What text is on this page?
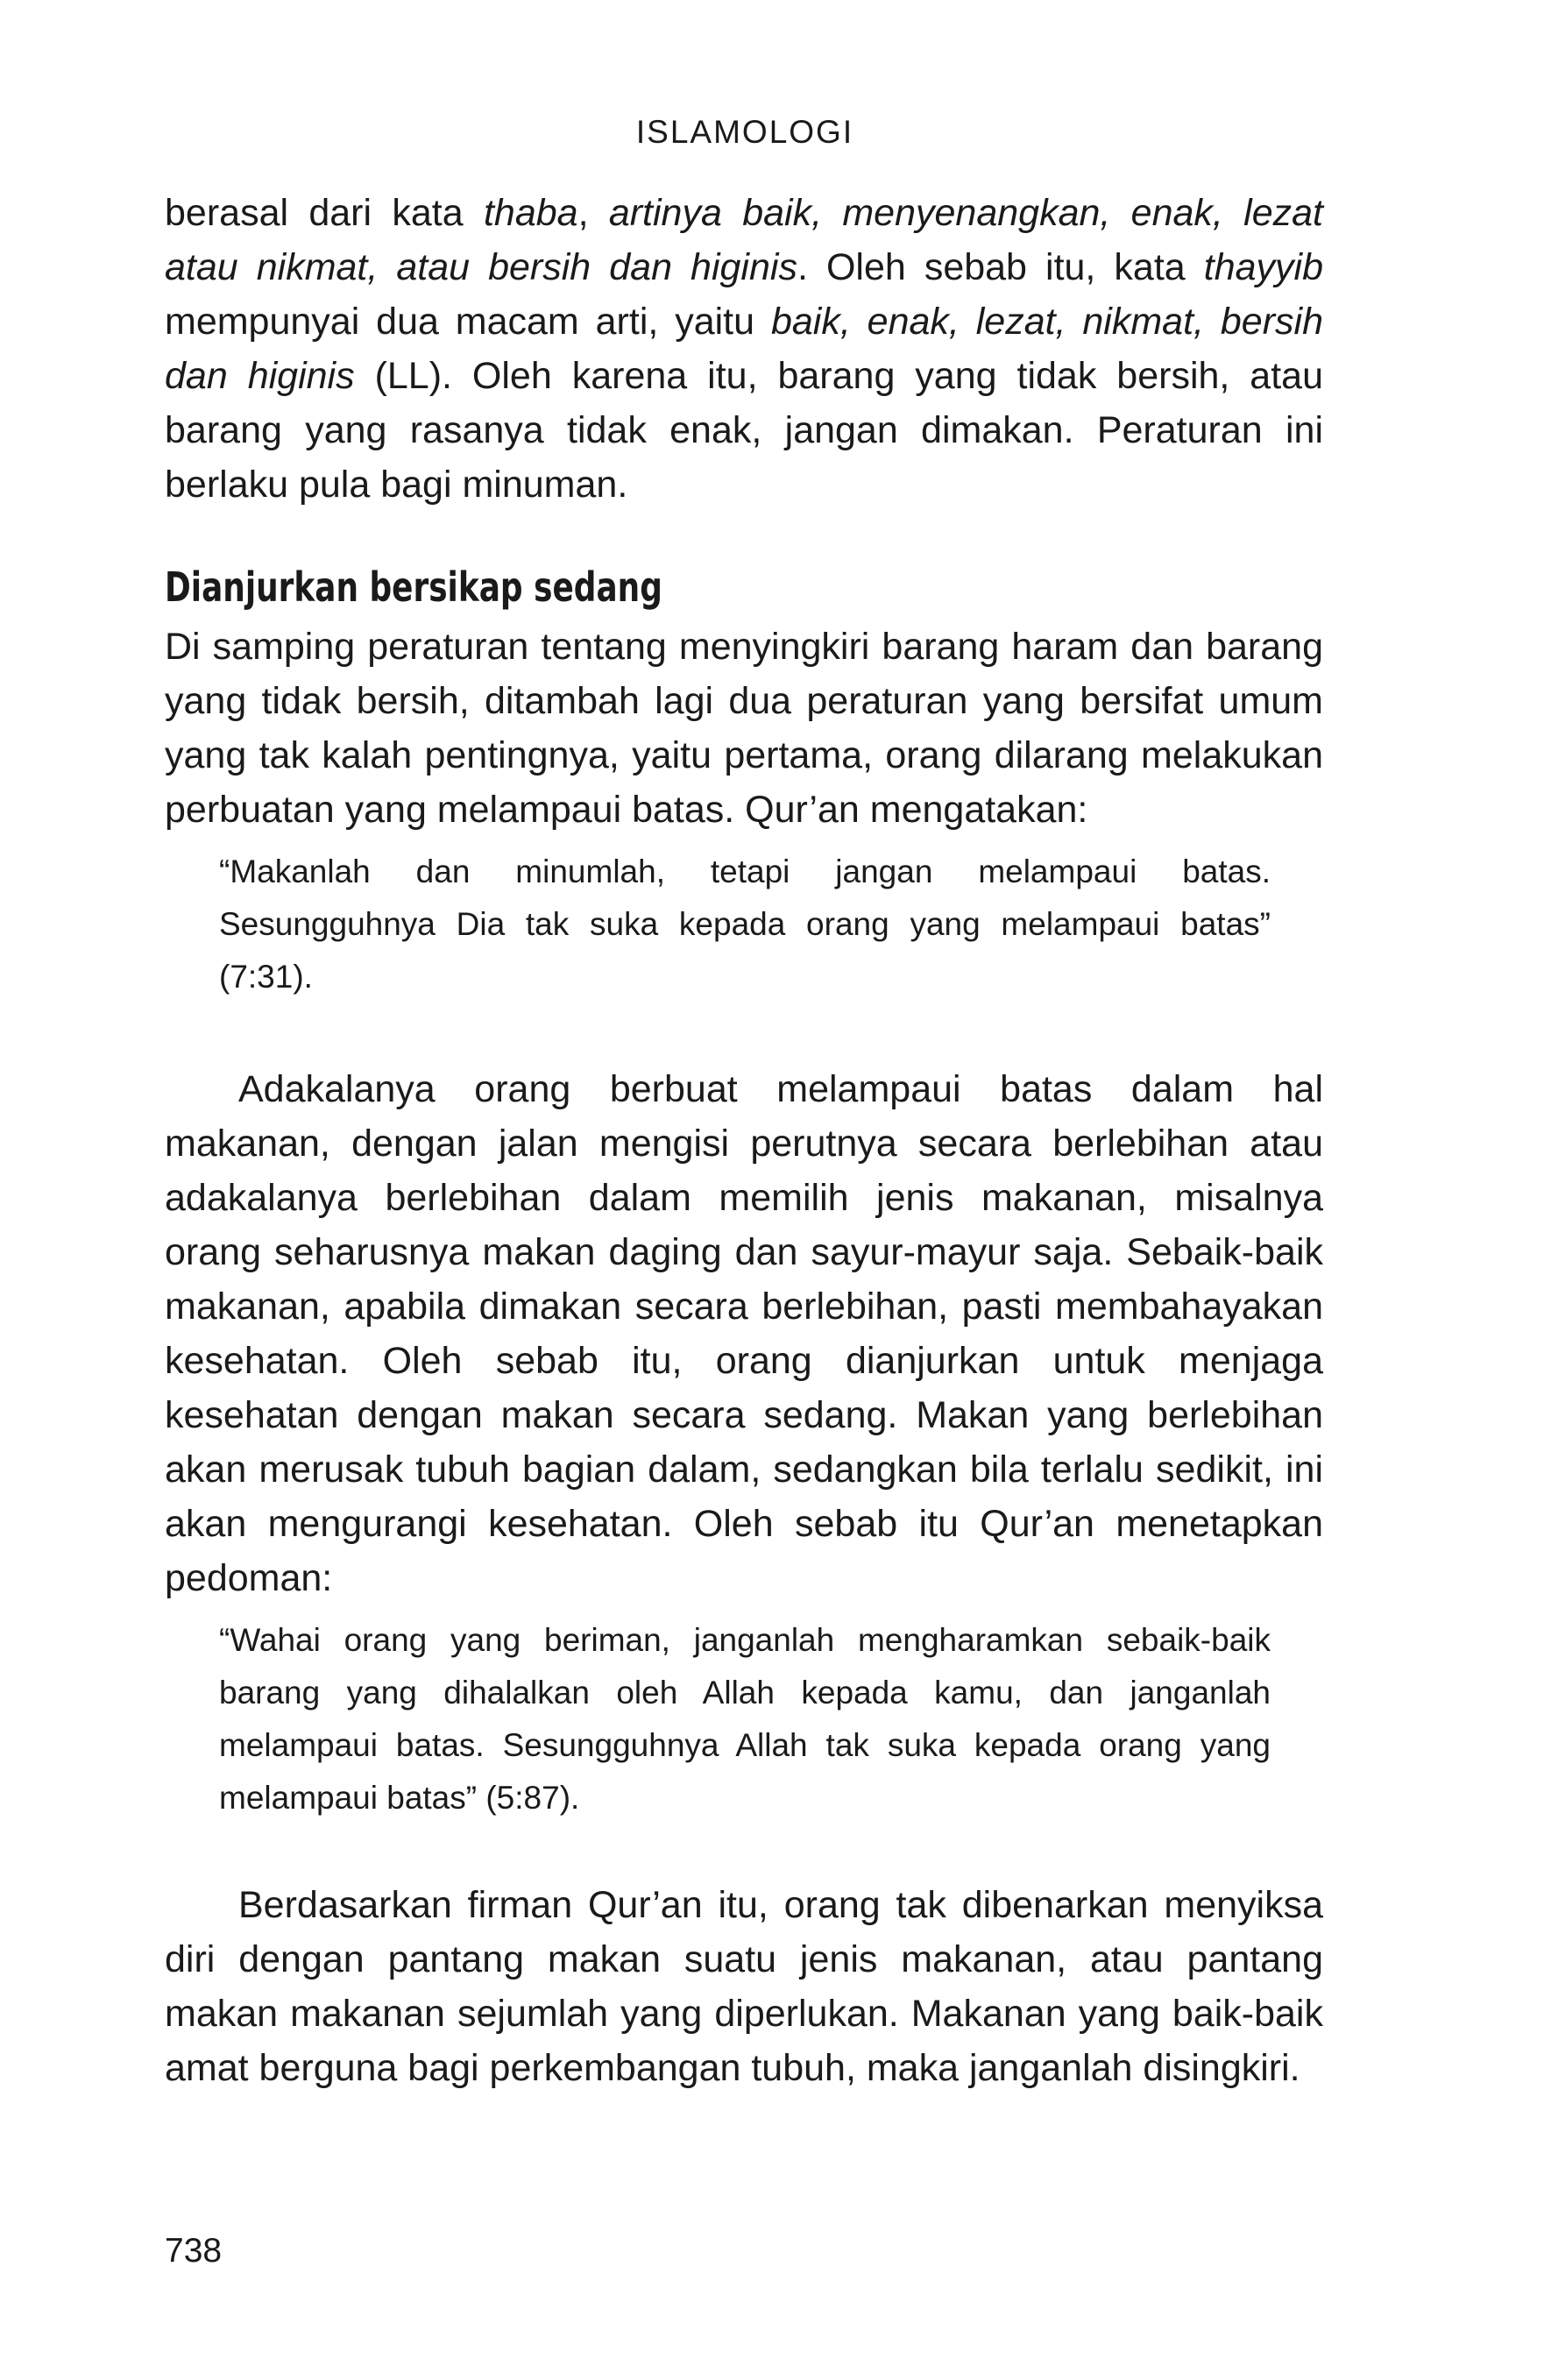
ISLAMOLOGI
berasal dari kata thaba, artinya baik, menyenangkan, enak, lezat atau nikmat, atau bersih dan higinis. Oleh sebab itu, kata thayyib mempunyai dua macam arti, yaitu baik, enak, lezat, nikmat, bersih dan higinis (LL). Oleh karena itu, barang yang tidak bersih, atau barang yang rasanya tidak enak, jangan dimakan. Peraturan ini berlaku pula bagi minuman.
Dianjurkan bersikap sedang
Di samping peraturan tentang menyingkiri barang haram dan barang yang tidak bersih, ditambah lagi dua peraturan yang bersifat umum yang tak kalah pentingnya, yaitu pertama, orang dilarang melakukan perbuatan yang melampaui batas. Qur’an mengatakan:
“Makanlah dan minumlah, tetapi jangan melampaui batas. Sesungguhnya Dia tak suka kepada orang yang melampaui batas” (7:31).
Adakalanya orang berbuat melampaui batas dalam hal makanan, dengan jalan mengisi perutnya secara berlebihan atau adakalanya berlebihan dalam memilih jenis makanan, misalnya orang seharusnya makan daging dan sayur-mayur saja. Sebaik-baik makanan, apabila dimakan secara berlebihan, pasti membahayakan kesehatan. Oleh sebab itu, orang dianjurkan untuk menjaga kesehatan dengan makan secara sedang. Makan yang berlebihan akan merusak tubuh bagian dalam, sedangkan bila terlalu sedikit, ini akan mengurangi kesehatan. Oleh sebab itu Qur’an menetapkan pedoman:
“Wahai orang yang beriman, janganlah mengharamkan sebaik-baik barang yang dihalalkan oleh Allah kepada kamu, dan janganlah melampaui batas. Sesungguhnya Allah tak suka kepada orang yang melampaui batas” (5:87).
Berdasarkan firman Qur’an itu, orang tak dibenarkan menyiksa diri dengan pantang makan suatu jenis makanan, atau pantang makan makanan sejumlah yang diperlukan. Makanan yang baik-baik amat berguna bagi perkembangan tubuh, maka janganlah disingkiri.
738
